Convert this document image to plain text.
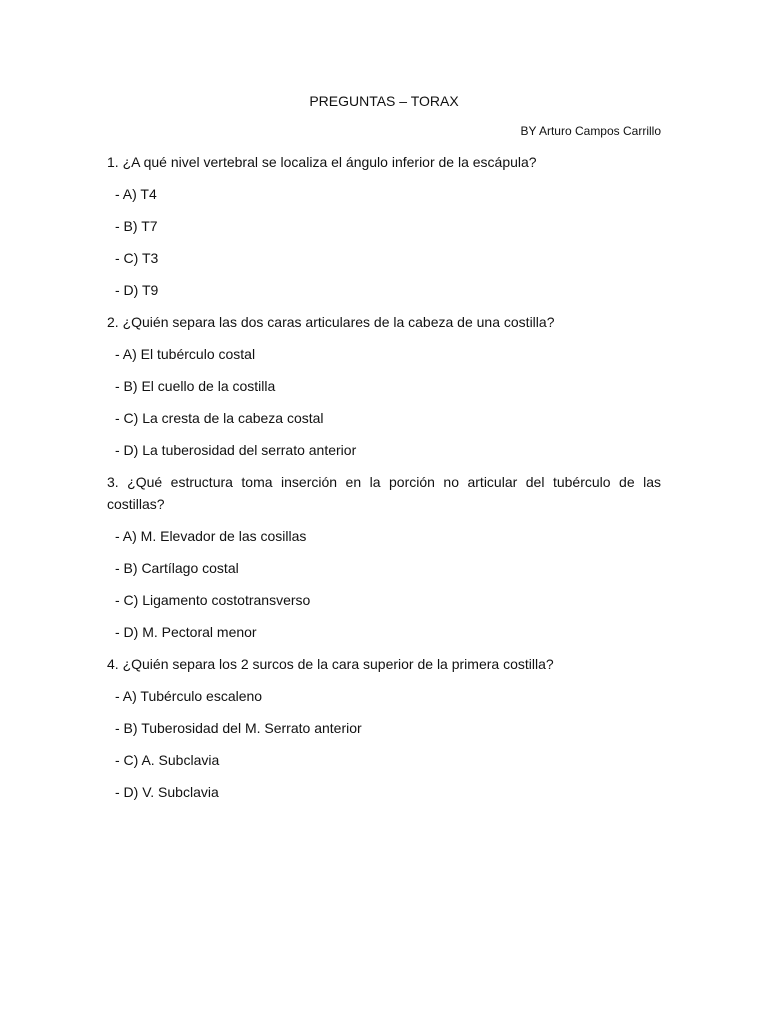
PREGUNTAS – TORAX
BY Arturo Campos Carrillo

1. ¿A qué nivel vertebral se localiza el ángulo inferior de la escápula?

- A) T4
- B) T7
- C) T3
- D) T9

2. ¿Quién separa las dos caras articulares de la cabeza de una costilla?

- A) El tubérculo costal
- B) El cuello de la costilla
- C) La cresta de la cabeza costal
- D) La tuberosidad del serrato anterior

3. ¿Qué estructura toma inserción en la porción no articular del tubérculo de las costillas?

- A) M. Elevador de las cosillas
- B) Cartílago costal
- C) Ligamento costotransverso
- D) M. Pectoral menor

4. ¿Quién separa los 2 surcos de la cara superior de la primera costilla?

- A) Tubérculo escaleno
- B) Tuberosidad del M. Serrato anterior
- C) A. Subclavia
- D) V. Subclavia
